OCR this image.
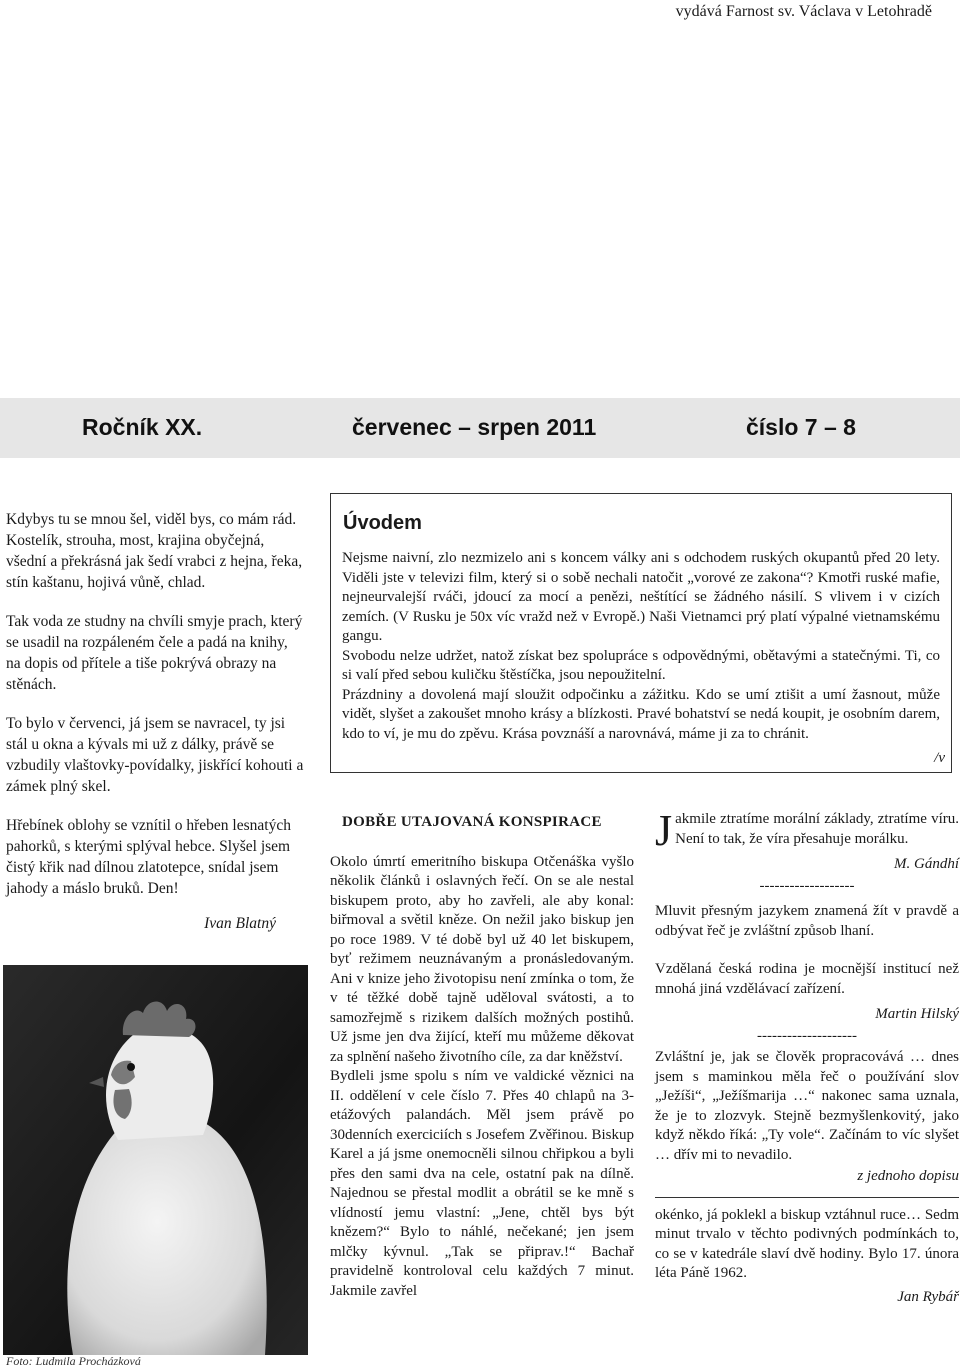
vydává Farnost sv. Václava v Letohradě
Ročník XX.	červenec – srpen 2011	číslo 7 – 8

Kdybys tu se mnou šel, viděl bys, co mám rád. Kostelík, strouha, most, krajina obyčejná, všední a překrásná jak šedí vrabci z hejna, řeka, stín kaštanu, hojivá vůně, chlad.

Tak voda ze studny na chvíli smyje prach, který se usadil na rozpáleném čele a padá na knihy, na dopis od přítele a tiše pokrývá obrazy na stěnách.

To bylo v červenci, já jsem se navracel, ty jsi stál u okna a kývals mi už z dálky, právě se vzbudily vlaštovky-povídalky, jiskřící kohouti a zámek plný skel.

Hřebínek oblohy se vznítil o hřeben lesnatých pahorků, s kterými splýval hebce. Slyšel jsem čistý křik nad dílnou zlatotepce, snídal jsem jahody a máslo bruků. Den!

Ivan Blatný

Úvodem

Nejsme naivní, zlo nezmizelo ani s koncem války ani s odchodem ruských okupantů před 20 lety. Viděli jste v televizi film, který si o sobě nechali natočit „vorové ze zakona“? Kmotři ruské mafie, nejneurvalejší rváči, jdoucí za mocí a penězi, neštítící se žádného násilí. S vlivem i v cizích zemích. (V Rusku je 50x víc vražd než v Evropě.) Naši Vietnamci prý platí výpalné vietnamskému gangu.

Svobodu nelze udržet, natož získat bez spolupráce s odpovědnými, obětavými a statečnými. Ti, co si valí před sebou kuličku štěstíčka, jsou nepoužitelní.

Prázdniny a dovolená mají sloužit odpočinku a zážitku. Kdo se umí ztišit a umí žasnout, může vidět, slyšet a zakoušet mnoho krásy a blízkosti. Pravé bohatství se nedá koupit, je osobním darem, kdo to ví, je mu do zpěvu. Krása povznáší a narovnává, máme ji za to chránit.

/v
Foto: Ludmila Procházková
DOBŘE UTAJOVANÁ KONSPIRACE

Okolo úmrtí emeritního biskupa Otčenáška vyšlo několik článků i oslavných řečí. On se ale nestal biskupem proto, aby ho zavřeli, ale aby konal: biřmoval a světil kněze. On nežil jako biskup jen po roce 1989. V té době byl už 40 let biskupem, byť režimem neuznávaným a pronásledovaným. Ani v knize jeho životopisu není zmínka o tom, že v té těžké době tajně uděloval svátosti, a to samozřejmě s rizikem dalších možných postihů. Už jsme jen dva žijící, kteří mu můžeme děkovat za splnění našeho životního cíle, za dar kněžství.

Bydleli jsme spolu s ním ve valdické věznici na II. oddělení v cele číslo 7. Přes 40 chlapů na 3-etážových palandách. Měl jsem právě po 30denních exerciciích s Josefem Zvěřinou. Biskup Karel a já jsme onemocněli silnou chřipkou a byli přes den sami dva na cele, ostatní pak na dílně. Najednou se přestal modlit a obrátil se ke mně s vlídností jemu vlastní: „Jene, chtěl bys být knězem?“ Bylo to náhlé, nečekané; jen jsem mlčky kývnul. „Tak se připrav.!“ Bachař pravidelně kontroloval celu každých 7 minut. Jakmile zavřel

Jakmile ztratíme morální základy, ztratíme víru. Není to tak, že víra přesahuje morálku.

M. Gándhí
-------------------

Mluvit přesným jazykem znamená žít v pravdě a odbývat řeč je zvláštní způsob lhaní.

Vzdělaná česká rodina je mocnější institucí než mnohá jiná vzdělávací zařízení.

Martin Hilský
--------------------

Zvláštní je, jak se člověk propracovává … dnes jsem s maminkou měla řeč o používání slov „Ježíši“, „Ježíšmarija …“ nakonec sama uznala, že je to zlozvyk. Stejně bezmyšlenkovitý, jako když někdo říká: „Ty vole“. Začínám to víc slyšet … dřív mi to nevadilo.

z jednoho dopisu

okénko, já poklekl a biskup vztáhnul ruce… Sedm minut trvalo v těchto podivných podmínkách to, co se v katedrále slaví dvě hodiny. Bylo 17. února léta Páně 1962.

Jan Rybář
